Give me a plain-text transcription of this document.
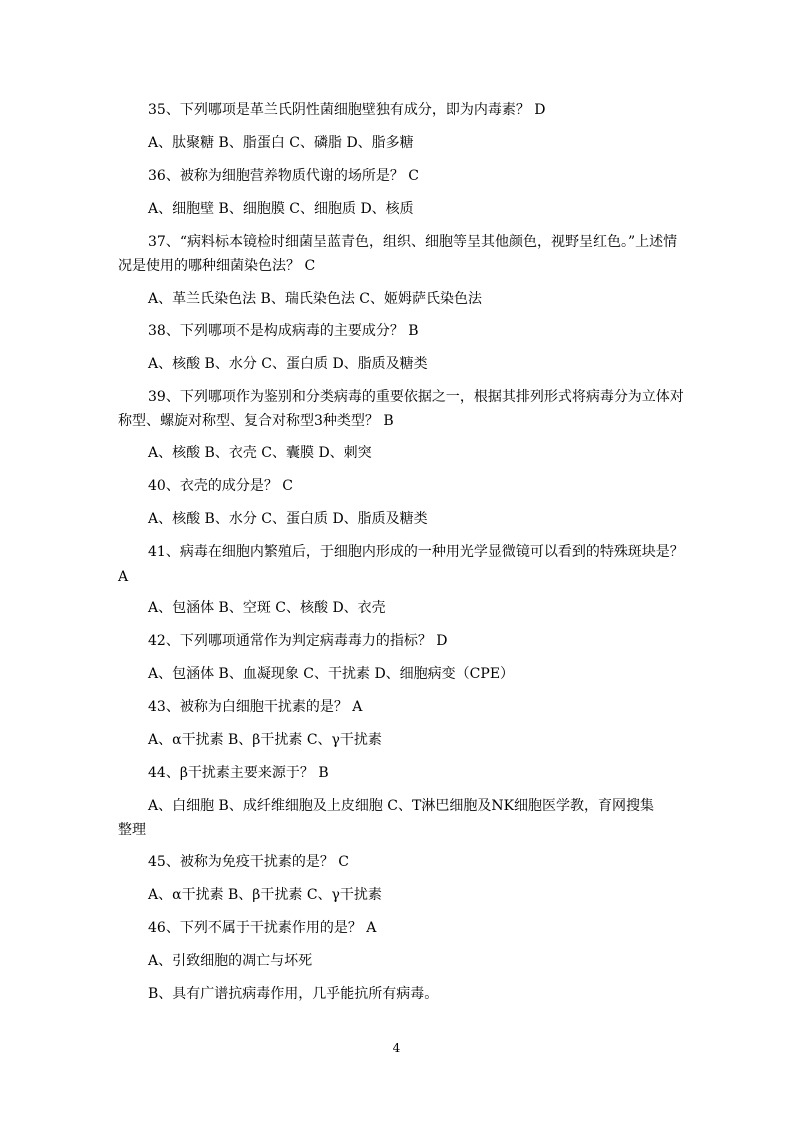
35、下列哪项是革兰氏阴性菌细胞壁独有成分，即为内毒素？ D
A、肽聚糖 B、脂蛋白 C、磷脂 D、脂多糖
36、被称为细胞营养物质代谢的场所是？ C
A、细胞壁 B、细胞膜 C、细胞质 D、核质
37、“病料标本镜检时细菌呈蓝青色，组织、细胞等呈其他颜色，视野呈红色。”上述情
况是使用的哪种细菌染色法？ C
A、革兰氏染色法 B、瑞氏染色法 C、姬姆萨氏染色法
38、下列哪项不是构成病毒的主要成分？ B
A、核酸 B、水分 C、蛋白质 D、脂质及糖类
39、下列哪项作为鉴别和分类病毒的重要依据之一，根据其排列形式将病毒分为立体对
称型、螺旋对称型、复合对称型3种类型？ B
A、核酸 B、衣壳 C、囊膜 D、刺突
40、衣壳的成分是？ C
A、核酸 B、水分 C、蛋白质 D、脂质及糖类
41、病毒在细胞内繁殖后，于细胞内形成的一种用光学显微镜可以看到的特殊斑块是？
A
A、包涵体 B、空斑 C、核酸 D、衣壳
42、下列哪项通常作为判定病毒毒力的指标？ D
A、包涵体 B、血凝现象 C、干扰素 D、细胞病变（CPE）
43、被称为白细胞干扰素的是？ A
A、α干扰素 B、β干扰素 C、γ干扰素
44、β干扰素主要来源于？ B
A、白细胞 B、成纤维细胞及上皮细胞 C、T淋巴细胞及NK细胞医学教，育网搜集
整理
45、被称为免疫干扰素的是？ C
A、α干扰素 B、β干扰素 C、γ干扰素
46、下列不属于干扰素作用的是？ A
A、引致细胞的凋亡与坏死
B、具有广谱抗病毒作用，几乎能抗所有病毒。
4
